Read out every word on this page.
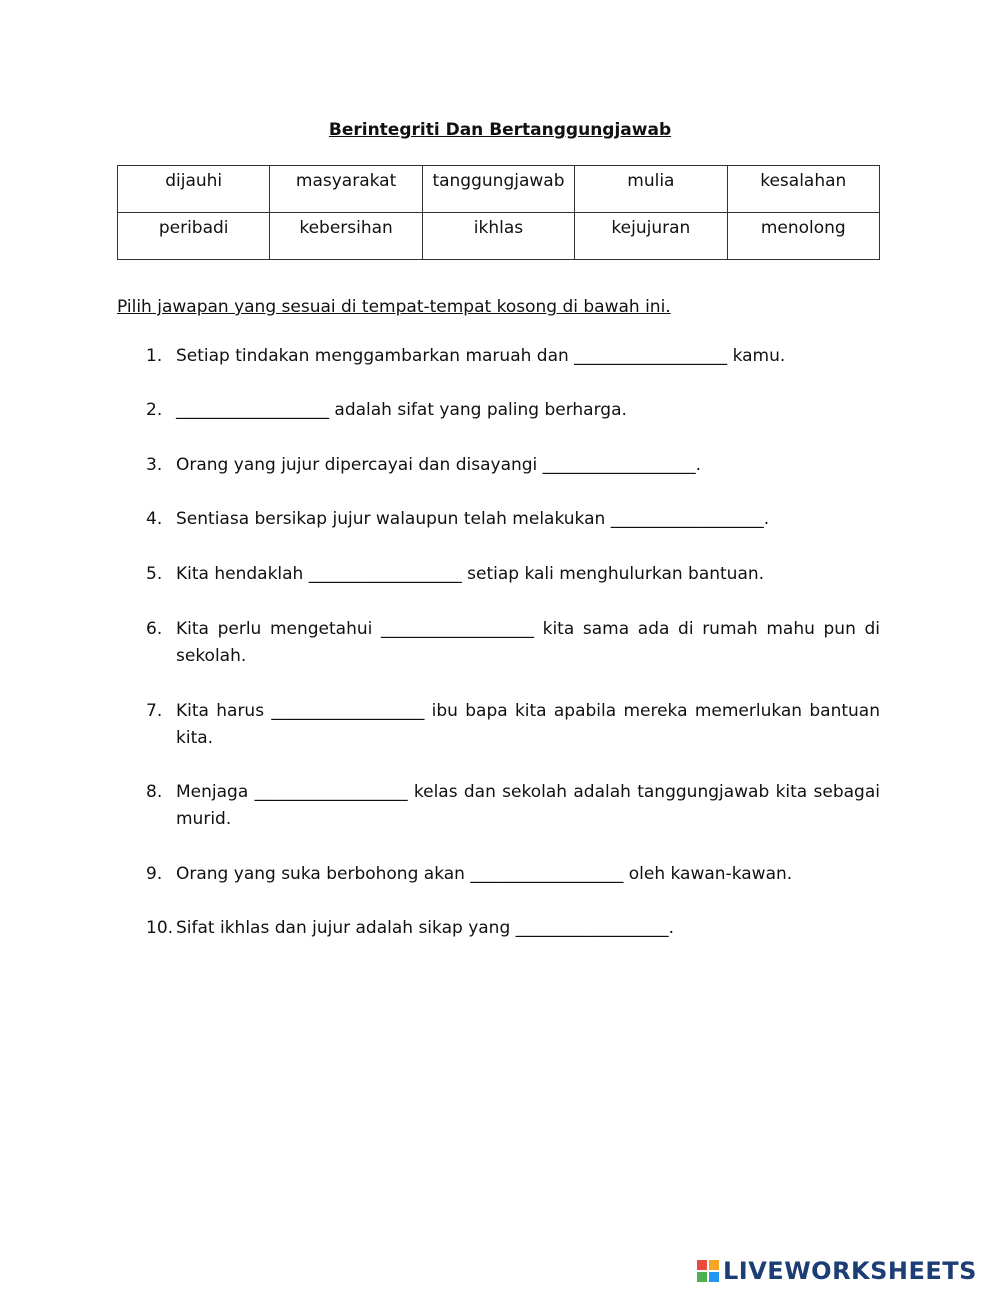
Berintegriti Dan Bertanggungjawab
dijauhi	masyarakat	tanggungjawab	mulia	kesalahan
peribadi	kebersihan	ikhlas	kejujuran	menolong
Pilih jawapan yang sesuai di tempat-tempat kosong di bawah ini.
1. Setiap tindakan menggambarkan maruah dan __________________ kamu.
2. __________________ adalah sifat yang paling berharga.
3. Orang yang jujur dipercayai dan disayangi __________________.
4. Sentiasa bersikap jujur walaupun telah melakukan __________________.
5. Kita hendaklah __________________ setiap kali menghulurkan bantuan.
6. Kita perlu mengetahui __________________ kita sama ada di rumah mahu pun di sekolah.
7. Kita harus __________________ ibu bapa kita apabila mereka memerlukan bantuan kita.
8. Menjaga __________________ kelas dan sekolah adalah tanggungjawab kita sebagai murid.
9. Orang yang suka berbohong akan __________________ oleh kawan-kawan.
10. Sifat ikhlas dan jujur adalah sikap yang __________________.
LIVEWORKSHEETS
